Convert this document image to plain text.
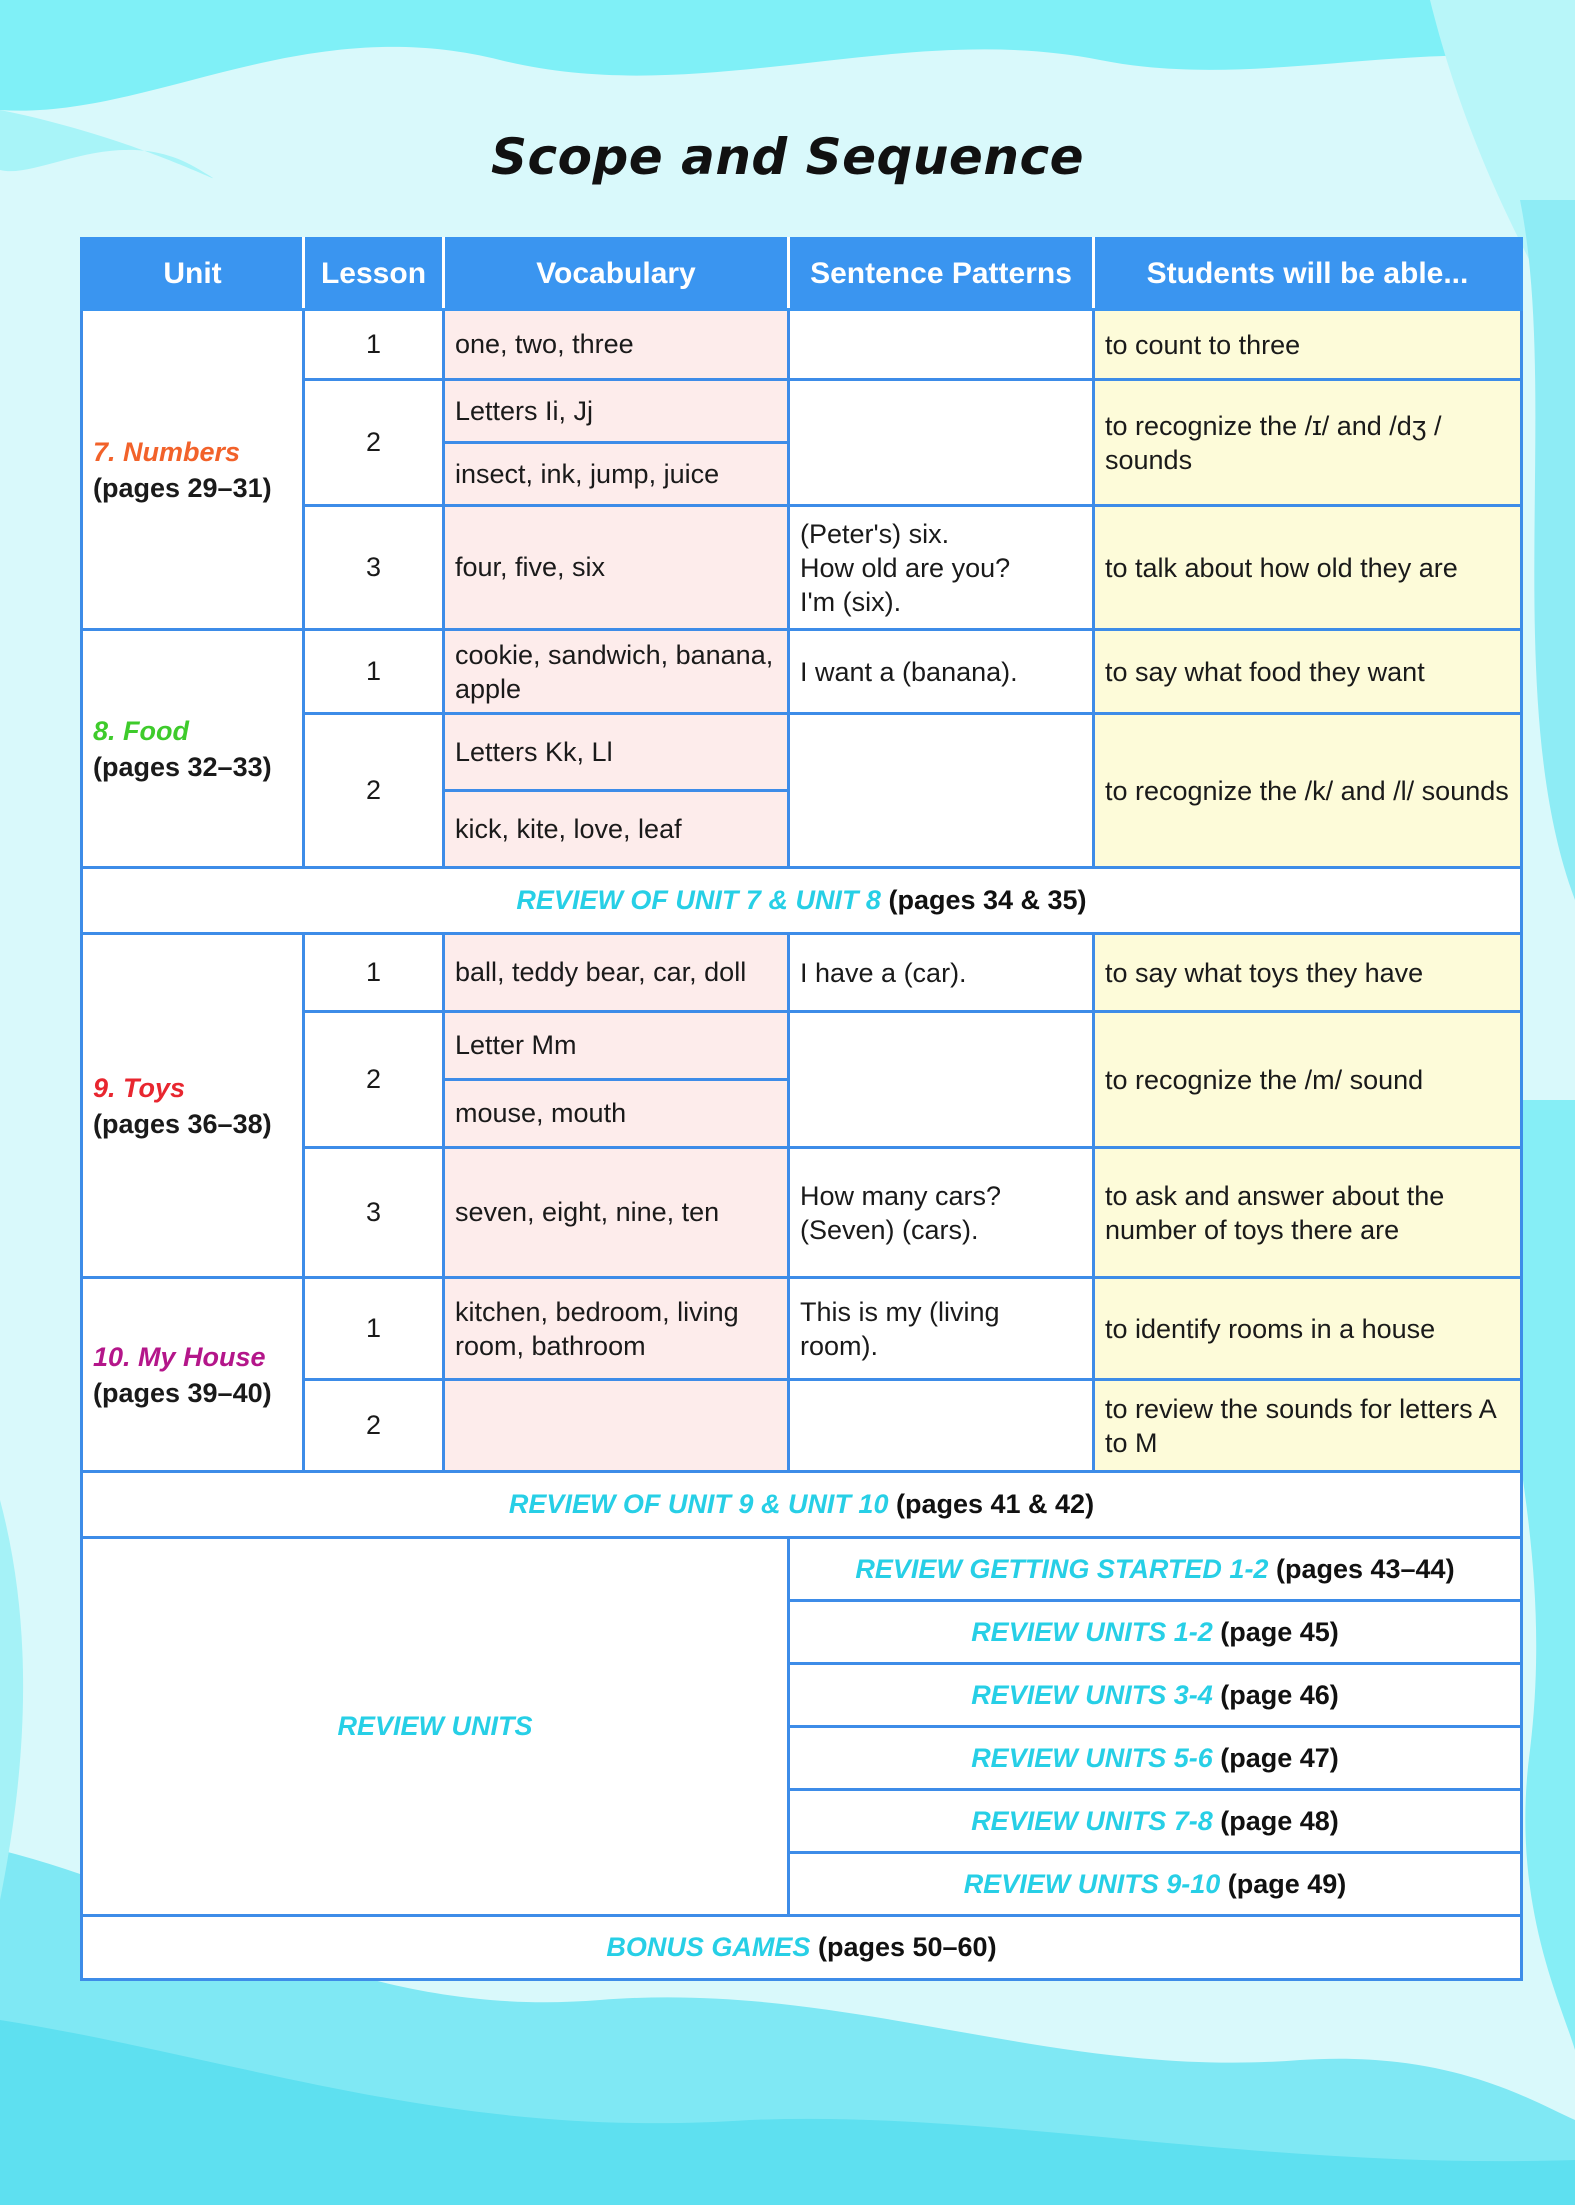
Scope and Sequence
Unit	Lesson	Vocabulary	Sentence Patterns	Students will be able...

7. Numbers
(pages 29–31)	1	one, two, three		to count to three
	2	Letters Ii, Jj		to recognize the /ɪ/ and /dʒ / sounds
		insect, ink, jump, juice		
	3	four, five, six	(Peter's) six.
How old are you?
I'm (six).	to talk about how old they are

8. Food
(pages 32–33)	1	cookie, sandwich, banana, apple	I want a (banana).	to say what food they want
	2	Letters Kk, Ll		to recognize the /k/ and /l/ sounds
		kick, kite, love, leaf		
REVIEW OF UNIT 7 & UNIT 8 (pages 34 & 35)				

9. Toys
(pages 36–38)	1	ball, teddy bear, car, doll	I have a (car).	to say what toys they have
	2	Letter Mm		to recognize the /m/ sound
		mouse, mouth		
	3	seven, eight, nine, ten	How many cars?
(Seven) (cars).	to ask and answer about the number of toys there are

10. My House
(pages 39–40)	1	kitchen, bedroom, living room, bathroom	This is my (living room).	to identify rooms in a house
	2			to review the sounds for letters A to M
REVIEW OF UNIT 9 & UNIT 10 (pages 41 & 42)				
REVIEW UNITS			REVIEW GETTING STARTED 1-2 (pages 43–44)	
			REVIEW UNITS 1-2 (page 45)	
			REVIEW UNITS 3-4 (page 46)	
			REVIEW UNITS 5-6 (page 47)	
			REVIEW UNITS 7-8 (page 48)	
			REVIEW UNITS 9-10 (page 49)	
BONUS GAMES (pages 50–60)				
